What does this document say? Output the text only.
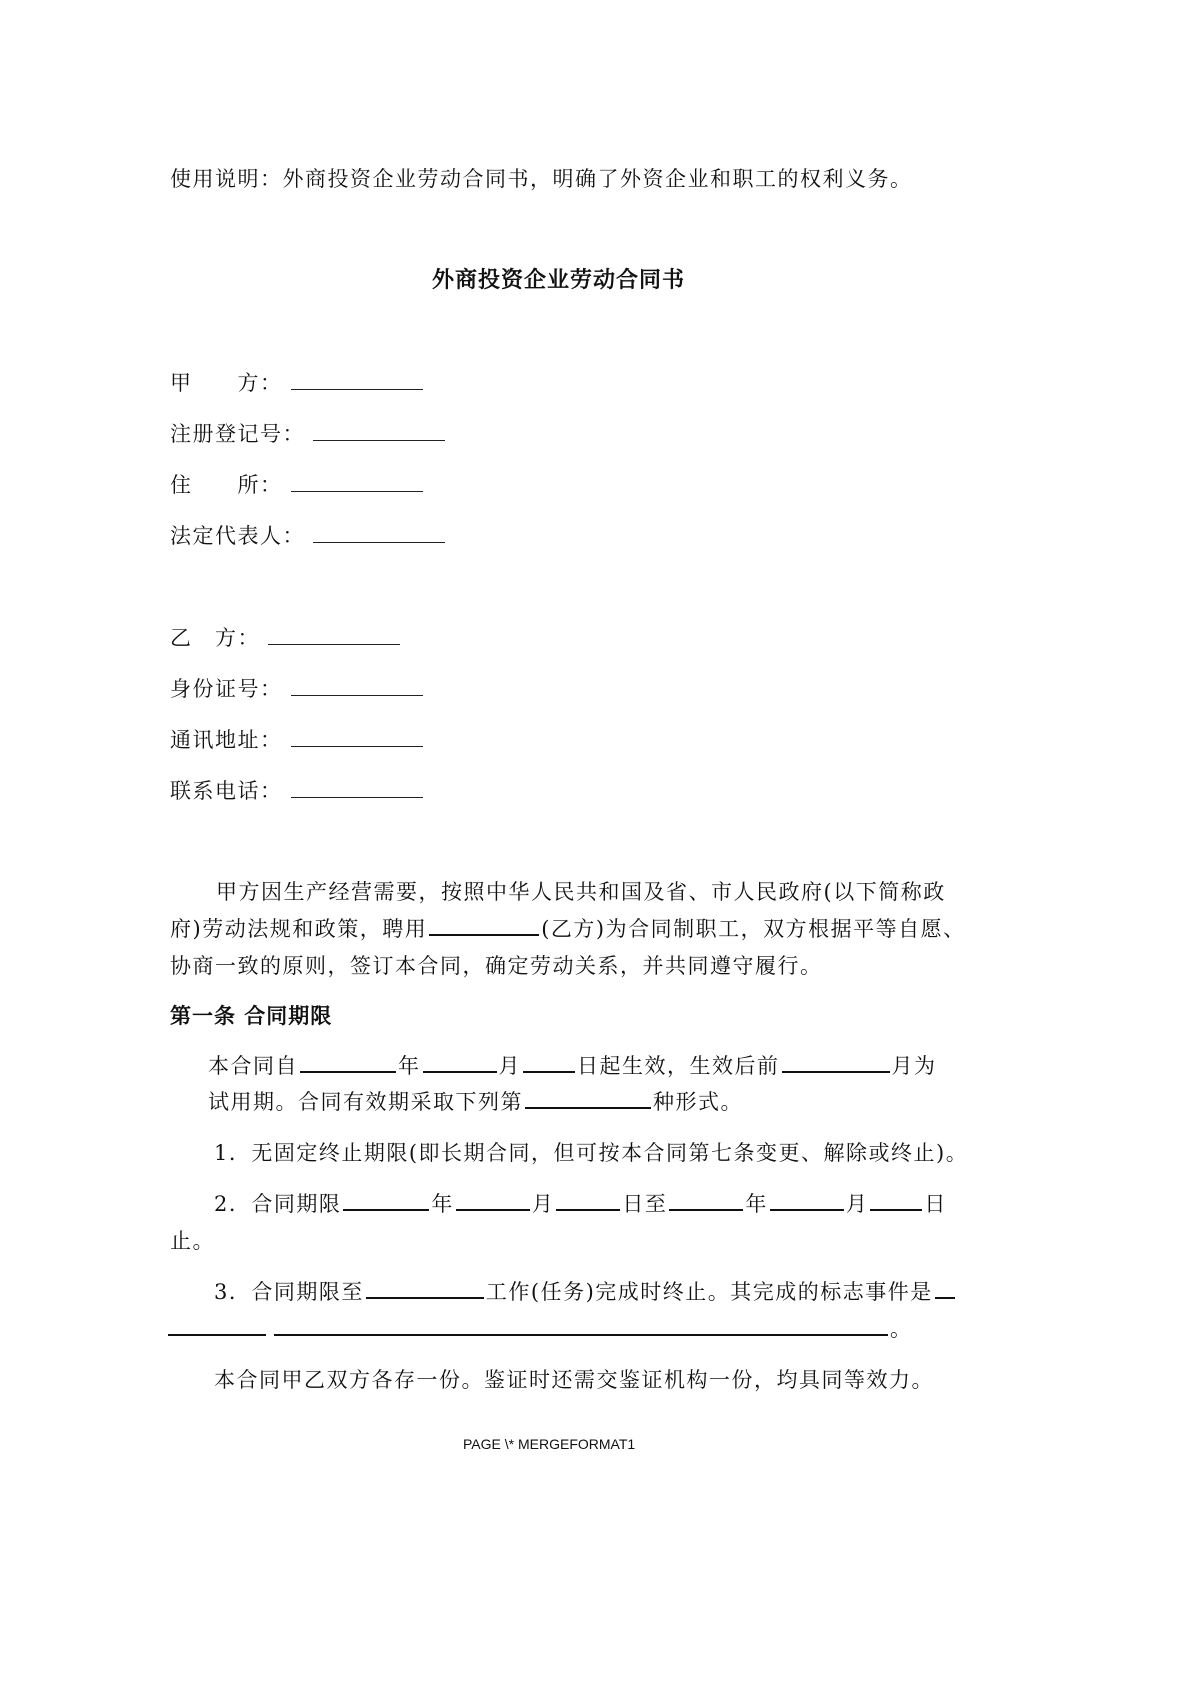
使用说明：外商投资企业劳动合同书，明确了外资企业和职工的权利义务。
外商投资企业劳动合同书
甲　　方：
注册登记号：
住　　所：
法定代表人：
乙　方：
身份证号：
通讯地址：
联系电话：
甲方因生产经营需要，按照中华人民共和国及省、市人民政府(以下简称政
府)劳动法规和政策，聘用	(乙方)为合同制职工，双方根据平等自愿、
协商一致的原则，签订本合同，确定劳动关系，并共同遵守履行。
第一条 合同期限
本合同自	年	月	日起生效，生效后前	月为
试用期。合同有效期采取下列第	种形式。
1．无固定终止期限(即长期合同，但可按本合同第七条变更、解除或终止)。
2．合同期限	年	月	日至	年	月	日
止。
3．合同期限至	工作(任务)完成时终止。其完成的标志事件是
。
本合同甲乙双方各存一份。鉴证时还需交鉴证机构一份，均具同等效力。
PAGE \* MERGEFORMAT1
